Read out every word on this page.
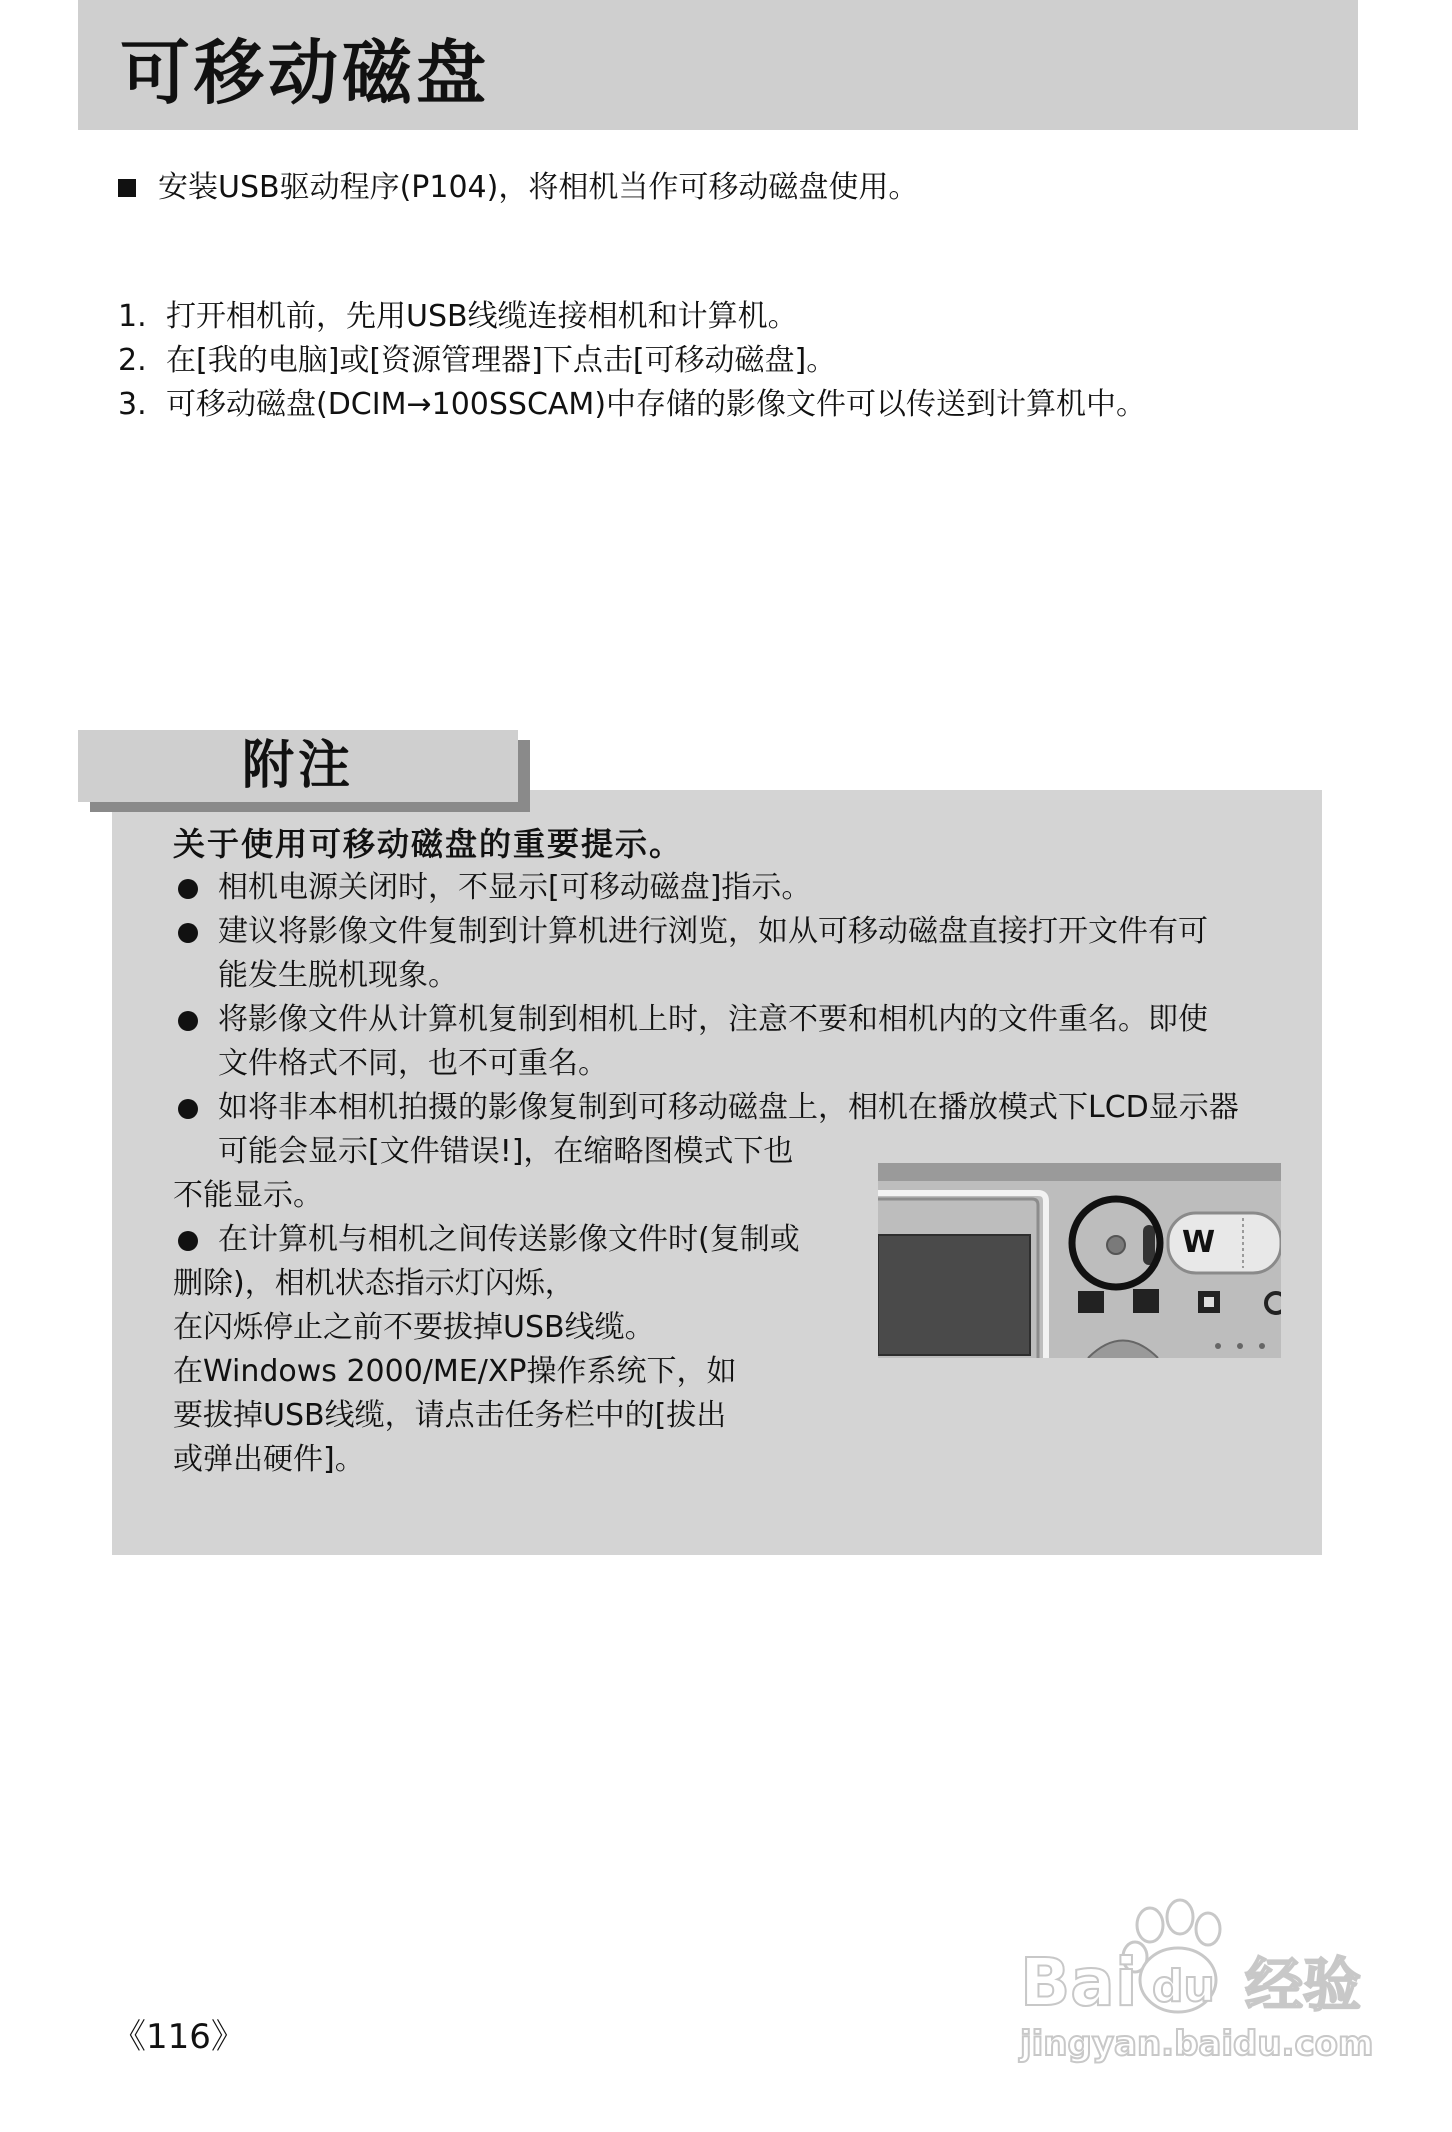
可移动磁盘
安装USB驱动程序(P104)，将相机当作可移动磁盘使用。
1. 打开相机前，先用USB线缆连接相机和计算机。
2. 在[我的电脑]或[资源管理器]下点击[可移动磁盘]。
3. 可移动磁盘(DCIM→100SSCAM)中存储的影像文件可以传送到计算机中。
附注
关于使用可移动磁盘的重要提示。
相机电源关闭时，不显示[可移动磁盘]指示。
建议将影像文件复制到计算机进行浏览，如从可移动磁盘直接打开文件有可
能发生脱机现象。
将影像文件从计算机复制到相机上时，注意不要和相机内的文件重名。即使
文件格式不同，也不可重名。
如将非本相机拍摄的影像复制到可移动磁盘上，相机在播放模式下LCD显示器
可能会显示[文件错误!]，在缩略图模式下也
不能显示。
在计算机与相机之间传送影像文件时(复制或
删除)，相机状态指示灯闪烁，
在闪烁停止之前不要拔掉USB线缆。
在Windows 2000/ME/XP操作系统下，如
要拔掉USB线缆，请点击任务栏中的[拔出
或弹出硬件]。
W
《116》
Bai du 经验
jingyan.baidu.com
